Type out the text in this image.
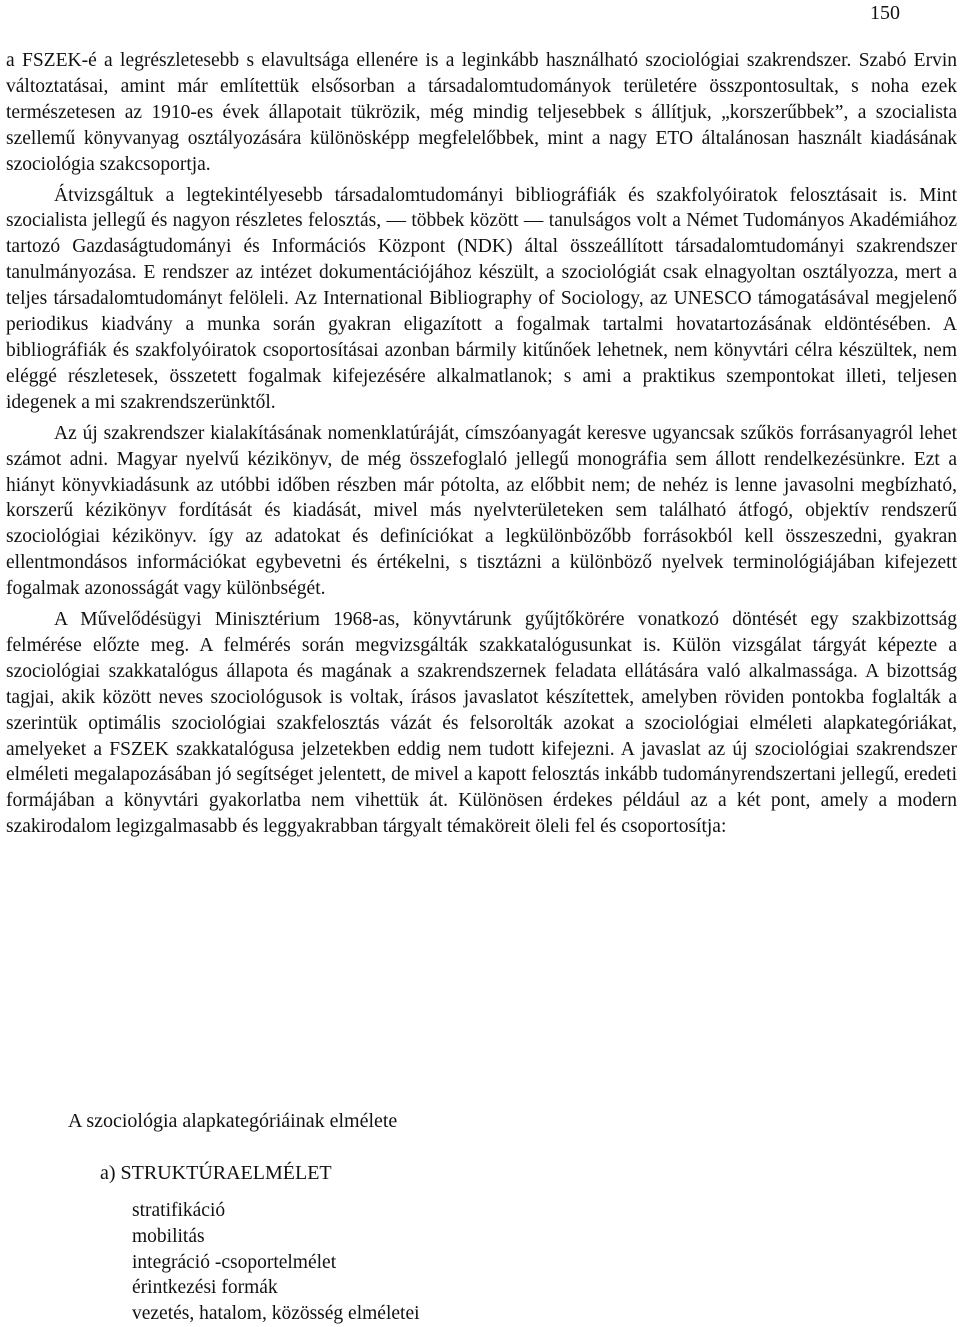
150

a FSZEK-é a legrészletesebb s elavultsága ellenére is a leginkább használható szociológiai szakrendszer. Szabó Ervin változtatásai, amint már említettük elsősorban a társadalomtudományok területére összpontosultak, s noha ezek természetesen az 1910-es évek állapotait tükrözik, még mindig teljesebbek s állítjuk, „korszerűbbek”, a szocialista szellemű könyvanyag osztályozására különösképp megfelelőbbek, mint a nagy ETO általánosan használt kiadásának szociológia szakcsoportja.

Átvizsgáltuk a legtekintélyesebb társadalomtudományi bibliográfiák és szakfolyóiratok felosztásait is. Mint szocialista jellegű és nagyon részletes felosztás, ― többek között ― tanulságos volt a Német Tudományos Akadémiához tartozó Gazdaságtudományi és Információs Központ (NDK) által összeállított társadalomtudományi szakrendszer tanulmányozása. E rendszer az intézet dokumentációjához készült, a szociológiát csak elnagyoltan osztályozza, mert a teljes társadalomtudományt felöleli. Az International Bibliography of Sociology, az UNESCO támogatásával megjelenő periodikus kiadvány a munka során gyakran eligazított a fogalmak tartalmi hovatartozásának eldöntésében. A bibliográfiák és szakfolyóiratok csoportosításai azonban bármily kitűnőek lehetnek, nem könyvtári célra készültek, nem eléggé részletesek, összetett fogalmak kifejezésére alkalmatlanok; s ami a praktikus szempontokat illeti, teljesen idegenek a mi szakrendszerünktől.

Az új szakrendszer kialakításának nomenklatúráját, címszóanyagát keresve ugyancsak szűkös forrásanyagról lehet számot adni. Magyar nyelvű kézikönyv, de még összefoglaló jellegű monográfia sem állott rendelkezésünkre. Ezt a hiányt könyvkiadásunk az utóbbi időben részben már pótolta, az előbbit nem; de nehéz is lenne javasolni megbízható, korszerű kézikönyv fordítását és kiadását, mivel más nyelvterületeken sem található átfogó, objektív rendszerű szociológiai kézikönyv. így az adatokat és definíciókat a legkülönbözőbb forrásokból kell összeszedni, gyakran ellentmondásos információkat egybevetni és értékelni, s tisztázni a különböző nyelvek terminológiájában kifejezett fogalmak azonosságát vagy különbségét.

A Művelődésügyi Minisztérium 1968-as, könyvtárunk gyűjtőkörére vonatkozó döntését egy szakbizottság felmérése előzte meg. A felmérés során megvizsgálták szakkatalόgusunkat is. Külön vizsgálat tárgyát képezte a szociológiai szakkatalógus állapota és magának a szakrendszernek feladata ellátására való alkalmassága. A bizottság tagjai, akik között neves szociológusok is voltak, írásos javaslatot készítettek, amelyben röviden pontokba foglalták a szerintük optimális szociológiai szakfelosztás vázát és felsorolták azokat a szociológiai elméleti alapkategóriákat, amelyeket a FSZEK szakkatalógusa jelzetekben eddig nem tudott kifejezni. A javaslat az új szociológiai szakrendszer elméleti megalapozásában jó segítséget jelentett, de mivel a kapott felosztás inkább tudományrendszertani jellegű, eredeti formájában a könyvtári gyakorlatba nem vihettük át. Különösen érdekes például az a két pont, amely a modern szakirodalom legizgalmasabb és leggyakrabban tárgyalt témaköreit öleli fel és csoportosítja:

A szociológia alapkategóriáinak elmélete
a) STRUKTÚRAELMÉLET
stratifikáció
mobilitás
integráció -csoportelmélet
érintkezési formák
vezetés, hatalom, közösség elméletei
